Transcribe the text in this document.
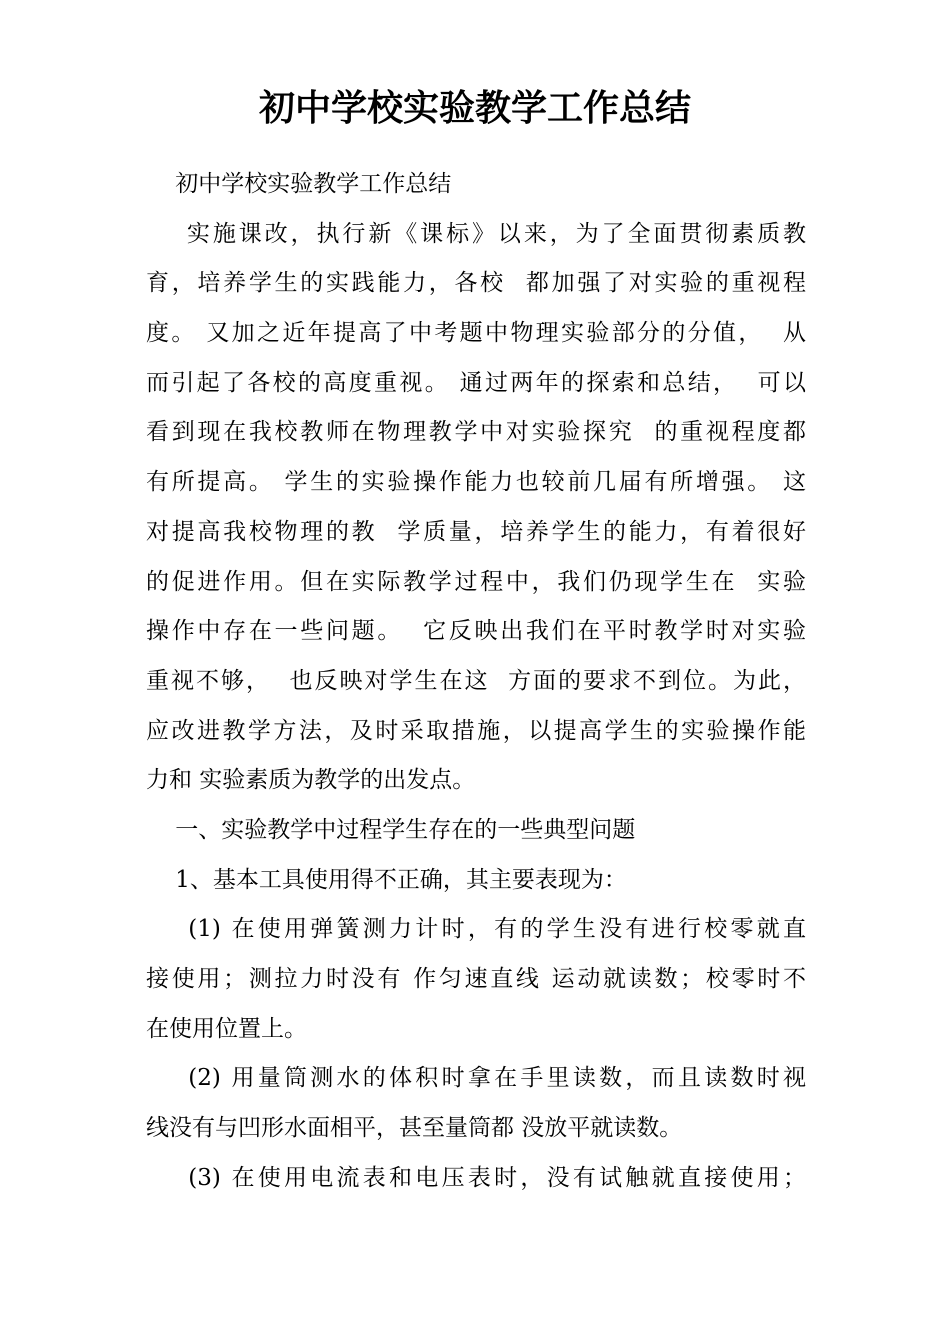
初中学校实验教学工作总结

初中学校实验教学工作总结

实施课改，执行新《课标》以来，为了全面贯彻素质教

育，培养学生的实践能力，各校  都加强了对实验的重视程

度。 又加之近年提高了中考题中物理实验部分的分值，  从

而引起了各校的高度重视。 通过两年的探索和总结，  可以

看到现在我校教师在物理教学中对实验探究  的重视程度都

有所提高。 学生的实验操作能力也较前几届有所增强。 这

对提高我校物理的教  学质量，培养学生的能力，有着很好

的促进作用。但在实际教学过程中，我们仍现学生在  实验

操作中存在一些问题。  它反映出我们在平时教学时对实验

重视不够，  也反映对学生在这  方面的要求不到位。为此，

应改进教学方法，及时采取措施，以提高学生的实验操作能

力和 实验素质为教学的出发点。

一、实验教学中过程学生存在的一些典型问题

1、基本工具使用得不正确，其主要表现为：

(1) 在使用弹簧测力计时，有的学生没有进行校零就直

接使用；测拉力时没有 作匀速直线 运动就读数；校零时不

在使用位置上。

(2) 用量筒测水的体积时拿在手里读数，而且读数时视

线没有与凹形水面相平，甚至量筒都 没放平就读数。

(3) 在使用电流表和电压表时，没有试触就直接使用；
